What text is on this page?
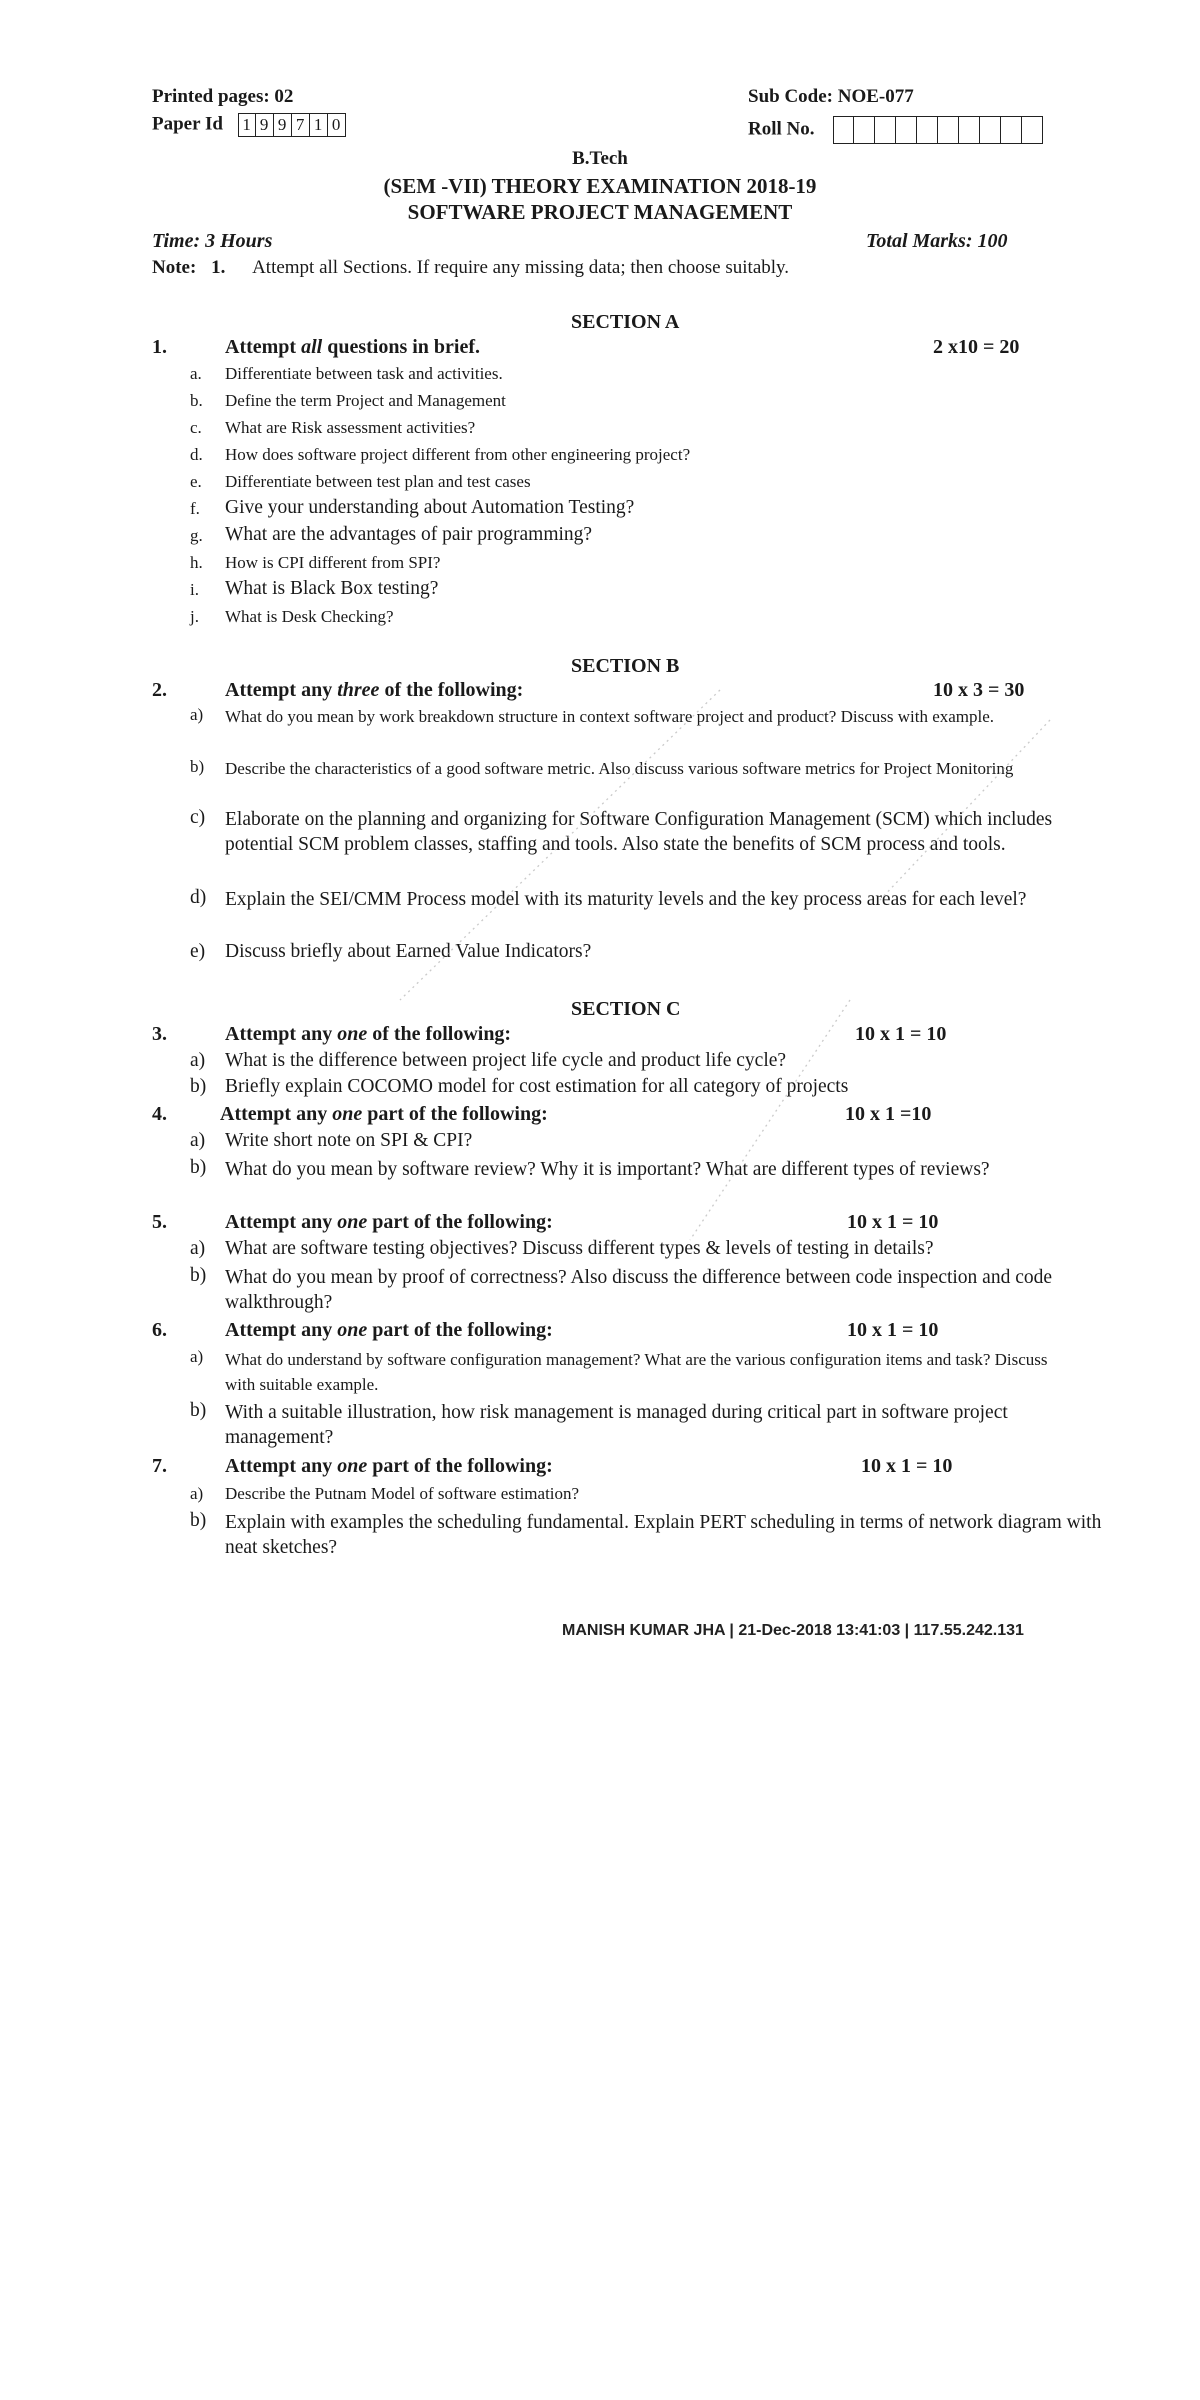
Printed pages: 02
Paper Id 1 9 9 7 1 0
Sub Code: NOE-077
Roll No.
B.Tech
(SEM -VII) THEORY EXAMINATION 2018-19
SOFTWARE PROJECT MANAGEMENT
Time: 3 Hours	Total Marks: 100
Note: 1. Attempt all Sections. If require any missing data; then choose suitably.
SECTION A
1.	Attempt all questions in brief.	2 x10 = 20
a. Differentiate between task and activities.
b. Define the term Project and Management
c. What are Risk assessment activities?
d. How does software project different from other engineering project?
e. Differentiate between test plan and test cases
f. Give your understanding about Automation Testing?
g. What are the advantages of pair programming?
h. How is CPI different from SPI?
i. What is Black Box testing?
j. What is Desk Checking?
SECTION B
2.	Attempt any three of the following:	10 x 3 = 30
a) What do you mean by work breakdown structure in context software project and product? Discuss with example.
b) Describe the characteristics of a good software metric. Also discuss various software metrics for Project Monitoring
c) Elaborate on the planning and organizing for Software Configuration Management (SCM) which includes potential SCM problem classes, staffing and tools. Also state the benefits of SCM process and tools.
d) Explain the SEI/CMM Process model with its maturity levels and the key process areas for each level?
e) Discuss briefly about Earned Value Indicators?
SECTION C
3.	Attempt any one of the following:	10 x 1 = 10
a) What is the difference between project life cycle and product life cycle?
b) Briefly explain COCOMO model for cost estimation for all category of projects
4.	Attempt any one part of the following:	10 x 1 =10
a) Write short note on SPI & CPI?
b) What do you mean by software review? Why it is important? What are different types of reviews?
5.	Attempt any one part of the following:	10 x 1 = 10
a) What are software testing objectives? Discuss different types & levels of testing in details?
b) What do you mean by proof of correctness? Also discuss the difference between code inspection and code walkthrough?
6.	Attempt any one part of the following:	10 x 1 = 10
a) What do understand by software configuration management? What are the various configuration items and task? Discuss with suitable example.
b) With a suitable illustration, how risk management is managed during critical part in software project management?
7.	Attempt any one part of the following:	10 x 1 = 10
a) Describe the Putnam Model of software estimation?
b) Explain with examples the scheduling fundamental. Explain PERT scheduling in terms of network diagram with neat sketches?
MANISH KUMAR JHA | 21-Dec-2018 13:41:03 | 117.55.242.131
